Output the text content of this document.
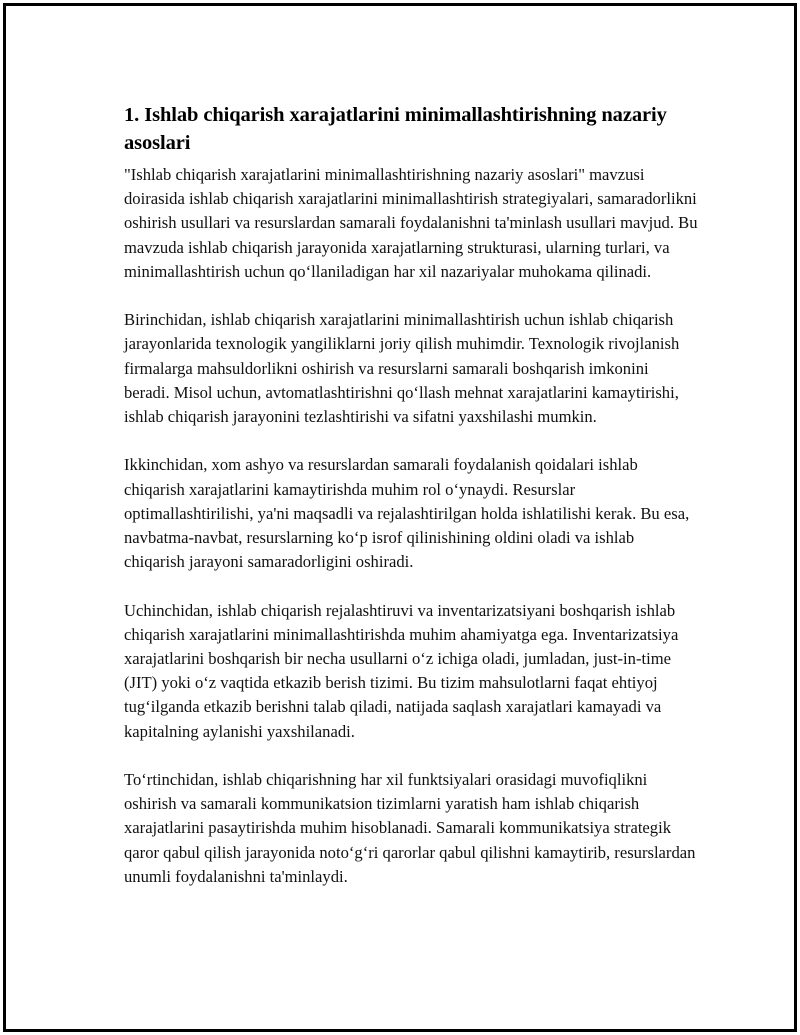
1. Ishlab chiqarish xarajatlarini minimallashtirishning nazariy asoslari

"Ishlab chiqarish xarajatlarini minimallashtirishning nazariy asoslari" mavzusi doirasida ishlab chiqarish xarajatlarini minimallashtirish strategiyalari, samaradorlikni oshirish usullari va resurslardan samarali foydalanishni ta'minlash usullari mavjud. Bu mavzuda ishlab chiqarish jarayonida xarajatlarning strukturasi, ularning turlari, va minimallashtirish uchun qoʻllaniladigan har xil nazariyalar muhokama qilinadi.

Birinchidan, ishlab chiqarish xarajatlarini minimallashtirish uchun ishlab chiqarish jarayonlarida texnologik yangiliklarni joriy qilish muhimdir. Texnologik rivojlanish firmalarga mahsuldorlikni oshirish va resurslarni samarali boshqarish imkonini beradi. Misol uchun, avtomatlashtirishni qoʻllash mehnat xarajatlarini kamaytirishi, ishlab chiqarish jarayonini tezlashtirishi va sifatni yaxshilashi mumkin.

Ikkinchidan, xom ashyo va resurslardan samarali foydalanish qoidalari ishlab chiqarish xarajatlarini kamaytirishda muhim rol oʻynaydi. Resurslar optimallashtirilishi, ya'ni maqsadli va rejalashtirilgan holda ishlatilishi kerak. Bu esa, navbatma-navbat, resurslarning koʻp isrof qilinishining oldini oladi va ishlab chiqarish jarayoni samaradorligini oshiradi.

Uchinchidan, ishlab chiqarish rejalashtiruvi va inventarizatsiyani boshqarish ishlab chiqarish xarajatlarini minimallashtirishda muhim ahamiyatga ega. Inventarizatsiya xarajatlarini boshqarish bir necha usullarni oʻz ichiga oladi, jumladan, just-in-time (JIT) yoki oʻz vaqtida etkazib berish tizimi. Bu tizim mahsulotlarni faqat ehtiyoj tugʻilganda etkazib berishni talab qiladi, natijada saqlash xarajatlari kamayadi va kapitalning aylanishi yaxshilanadi.

Toʻrtinchidan, ishlab chiqarishning har xil funktsiyalari orasidagi muvofiqlikni oshirish va samarali kommunikatsion tizimlarni yaratish ham ishlab chiqarish xarajatlarini pasaytirishda muhim hisoblanadi. Samarali kommunikatsiya strategik qaror qabul qilish jarayonida notoʻgʻri qarorlar qabul qilishni kamaytirib, resurslardan unumli foydalanishni ta'minlaydi.
